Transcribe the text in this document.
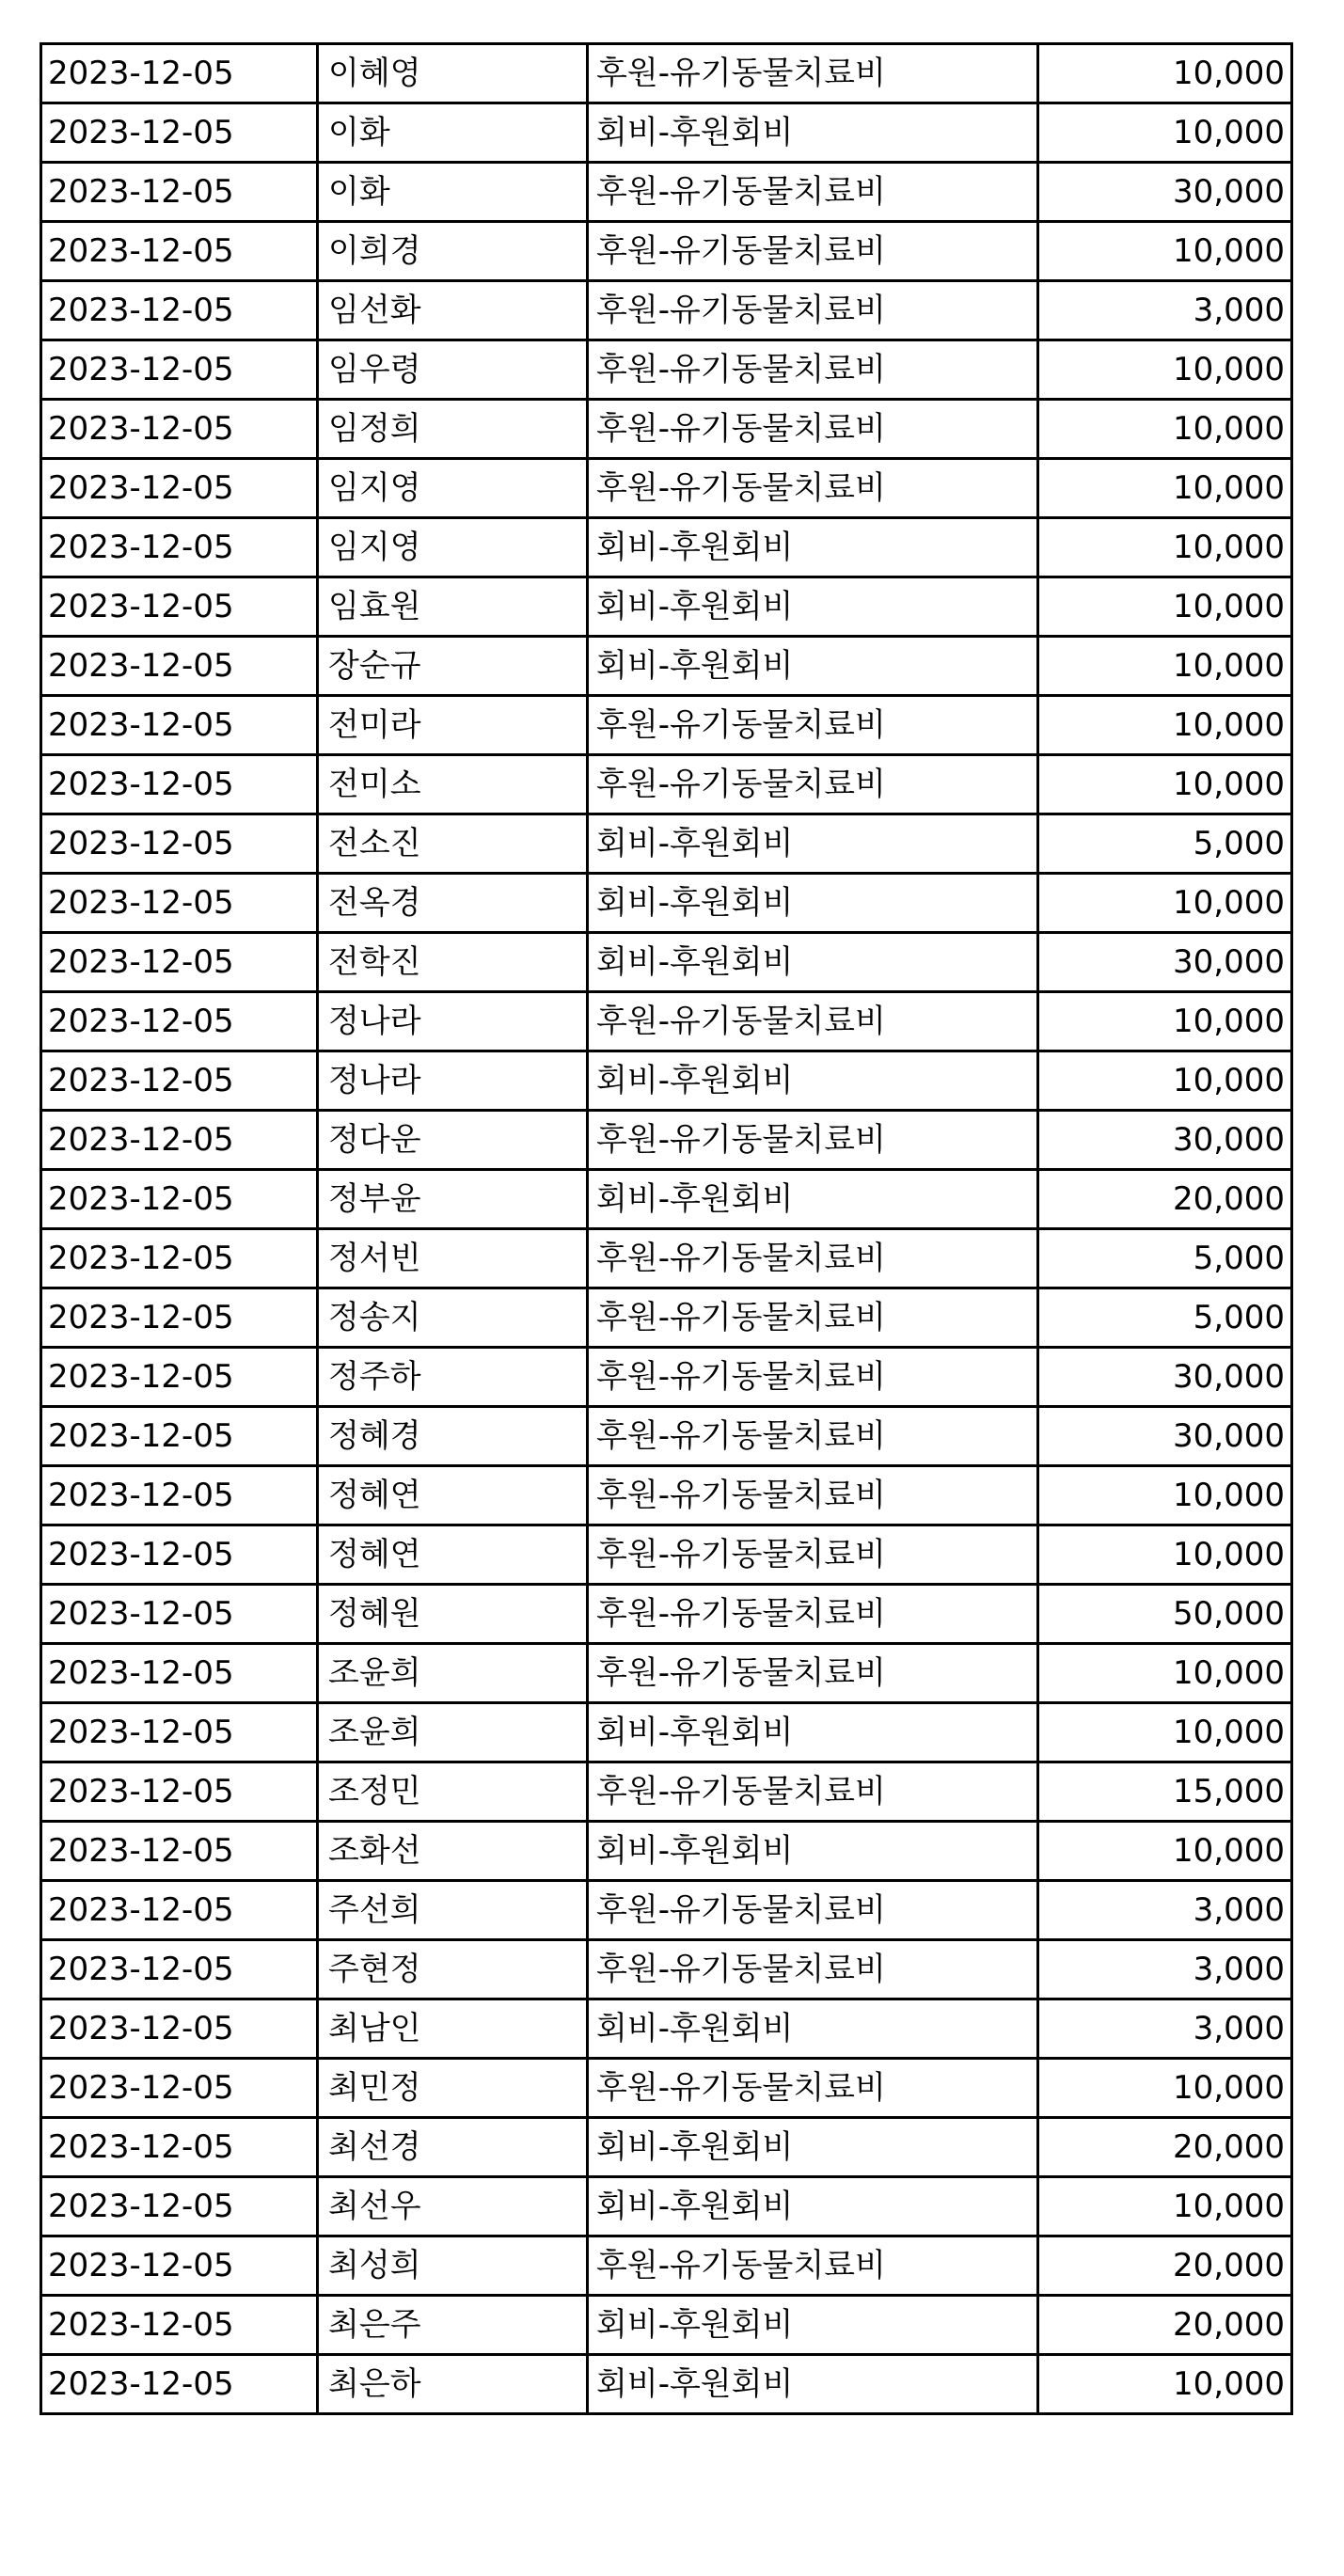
2023-12-05	이혜영	후원-유기동물치료비	10,000
2023-12-05	이화	회비-후원회비	10,000
2023-12-05	이화	후원-유기동물치료비	30,000
2023-12-05	이희경	후원-유기동물치료비	10,000
2023-12-05	임선화	후원-유기동물치료비	3,000
2023-12-05	임우령	후원-유기동물치료비	10,000
2023-12-05	임정희	후원-유기동물치료비	10,000
2023-12-05	임지영	후원-유기동물치료비	10,000
2023-12-05	임지영	회비-후원회비	10,000
2023-12-05	임효원	회비-후원회비	10,000
2023-12-05	장순규	회비-후원회비	10,000
2023-12-05	전미라	후원-유기동물치료비	10,000
2023-12-05	전미소	후원-유기동물치료비	10,000
2023-12-05	전소진	회비-후원회비	5,000
2023-12-05	전옥경	회비-후원회비	10,000
2023-12-05	전학진	회비-후원회비	30,000
2023-12-05	정나라	후원-유기동물치료비	10,000
2023-12-05	정나라	회비-후원회비	10,000
2023-12-05	정다운	후원-유기동물치료비	30,000
2023-12-05	정부윤	회비-후원회비	20,000
2023-12-05	정서빈	후원-유기동물치료비	5,000
2023-12-05	정송지	후원-유기동물치료비	5,000
2023-12-05	정주하	후원-유기동물치료비	30,000
2023-12-05	정혜경	후원-유기동물치료비	30,000
2023-12-05	정혜연	후원-유기동물치료비	10,000
2023-12-05	정혜연	후원-유기동물치료비	10,000
2023-12-05	정혜원	후원-유기동물치료비	50,000
2023-12-05	조윤희	후원-유기동물치료비	10,000
2023-12-05	조윤희	회비-후원회비	10,000
2023-12-05	조정민	후원-유기동물치료비	15,000
2023-12-05	조화선	회비-후원회비	10,000
2023-12-05	주선희	후원-유기동물치료비	3,000
2023-12-05	주현정	후원-유기동물치료비	3,000
2023-12-05	최남인	회비-후원회비	3,000
2023-12-05	최민정	후원-유기동물치료비	10,000
2023-12-05	최선경	회비-후원회비	20,000
2023-12-05	최선우	회비-후원회비	10,000
2023-12-05	최성희	후원-유기동물치료비	20,000
2023-12-05	최은주	회비-후원회비	20,000
2023-12-05	최은하	회비-후원회비	10,000
